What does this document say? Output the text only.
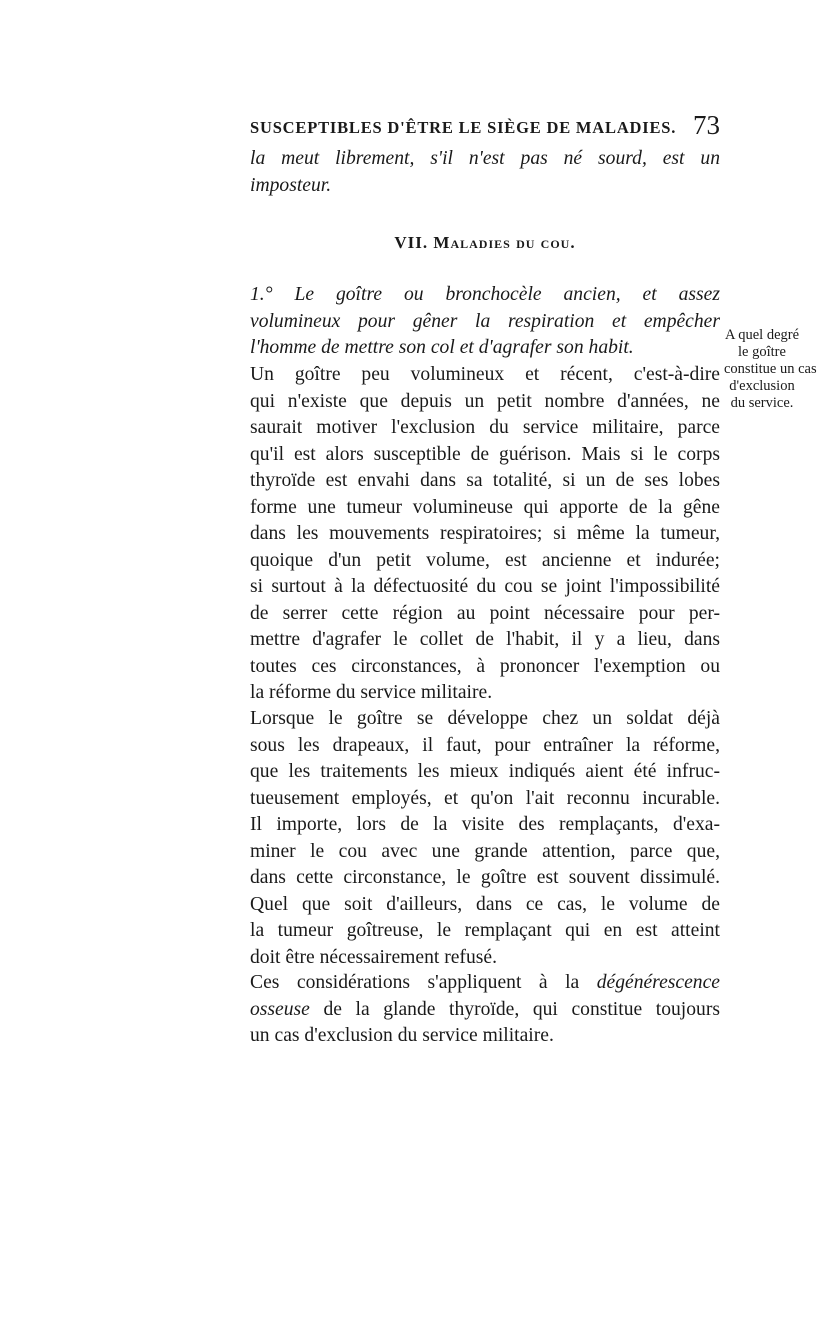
SUSCEPTIBLES D'ÊTRE LE SIÈGE DE MALADIES. 73
la meut librement, s'il n'est pas né sourd, est un
imposteur.
VII. Maladies du cou.
1.° Le goître ou bronchocèle ancien, et assez
volumineux pour gêner la respiration et empêcher
l'homme de mettre son col et d'agrafer son habit.
Un goître peu volumineux et récent, c'est-à-dire
qui n'existe que depuis un petit nombre d'années, ne
saurait motiver l'exclusion du service militaire, parce
qu'il est alors susceptible de guérison. Mais si le corps
thyroïde est envahi dans sa totalité, si un de ses lobes
forme une tumeur volumineuse qui apporte de la gêne
dans les mouvements respiratoires; si même la tumeur,
quoique d'un petit volume, est ancienne et indurée;
si surtout à la défectuosité du cou se joint l'impossibilité
de serrer cette région au point nécessaire pour per-
mettre d'agrafer le collet de l'habit, il y a lieu, dans
toutes ces circonstances, à prononcer l'exemption ou
la réforme du service militaire.
Lorsque le goître se développe chez un soldat déjà
sous les drapeaux, il faut, pour entraîner la réforme,
que les traitements les mieux indiqués aient été infruc-
tueusement employés, et qu'on l'ait reconnu incurable.
Il importe, lors de la visite des remplaçants, d'exa-
miner le cou avec une grande attention, parce que,
dans cette circonstance, le goître est souvent dissimulé.
Quel que soit d'ailleurs, dans ce cas, le volume de
la tumeur goîtreuse, le remplaçant qui en est atteint
doit être nécessairement refusé.
Ces considérations s'appliquent à la dégénérescence
osseuse de la glande thyroïde, qui constitue toujours
un cas d'exclusion du service militaire.
A quel degré
le goître
constitue un cas
d'exclusion
du service.
